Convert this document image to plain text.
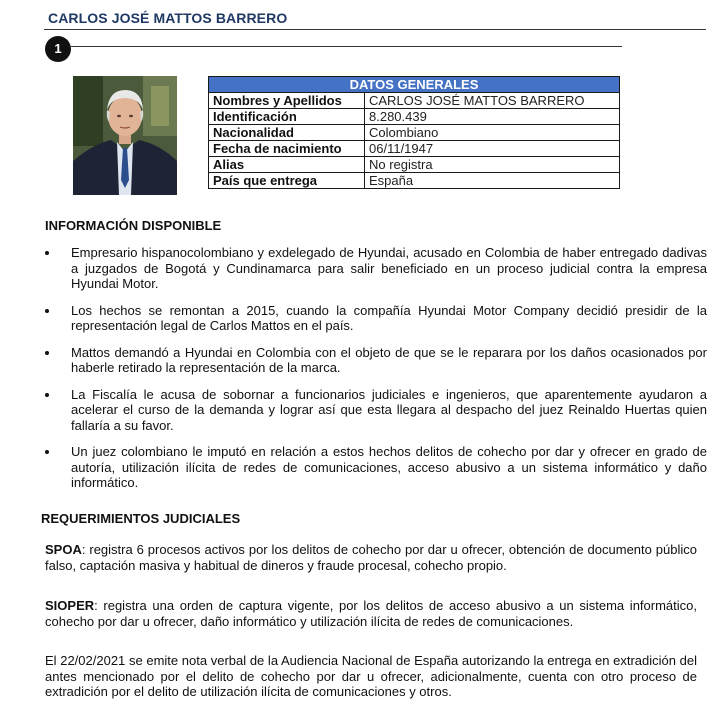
CARLOS JOSÉ MATTOS BARRERO
1
DATOS GENERALES	
Nombres y Apellidos	CARLOS JOSÉ MATTOS BARRERO
Identificación	8.280.439
Nacionalidad	Colombiano
Fecha de nacimiento	06/11/1947
Alias	No registra
País que entrega	España
INFORMACIÓN DISPONIBLE
Empresario hispanocolombiano y exdelegado de Hyundai, acusado en Colombia de haber entregado dadivas a juzgados de Bogotá y Cundinamarca para salir beneficiado en un proceso judicial contra la empresa Hyundai Motor.
Los hechos se remontan a 2015, cuando la compañía Hyundai Motor Company decidió presidir de la representación legal de Carlos Mattos en el país.
Mattos demandó a Hyundai en Colombia con el objeto de que se le reparara por los daños ocasionados por haberle retirado la representación de la marca.
La Fiscalía le acusa de sobornar a funcionarios judiciales e ingenieros, que aparentemente ayudaron a acelerar el curso de la demanda y lograr así que esta llegara al despacho del juez Reinaldo Huertas quien fallaría a su favor.
Un juez colombiano le imputó en relación a estos hechos delitos de cohecho por dar y ofrecer en grado de autoría, utilización ilícita de redes de comunicaciones, acceso abusivo a un sistema informático y daño informático.
REQUERIMIENTOS JUDICIALES

SPOA: registra 6 procesos activos por los delitos de cohecho por dar u ofrecer, obtención de documento público falso, captación masiva y habitual de dineros y fraude procesal, cohecho propio.

SIOPER: registra una orden de captura vigente, por los delitos de acceso abusivo a un sistema informático, cohecho por dar u ofrecer, daño informático y utilización ilícita de redes de comunicaciones.

El 22/02/2021 se emite nota verbal de la Audiencia Nacional de España autorizando la entrega en extradición del antes mencionado por el delito de cohecho por dar u ofrecer, adicionalmente, cuenta con otro proceso de extradición por el delito de utilización ilícita de comunicaciones y otros.
